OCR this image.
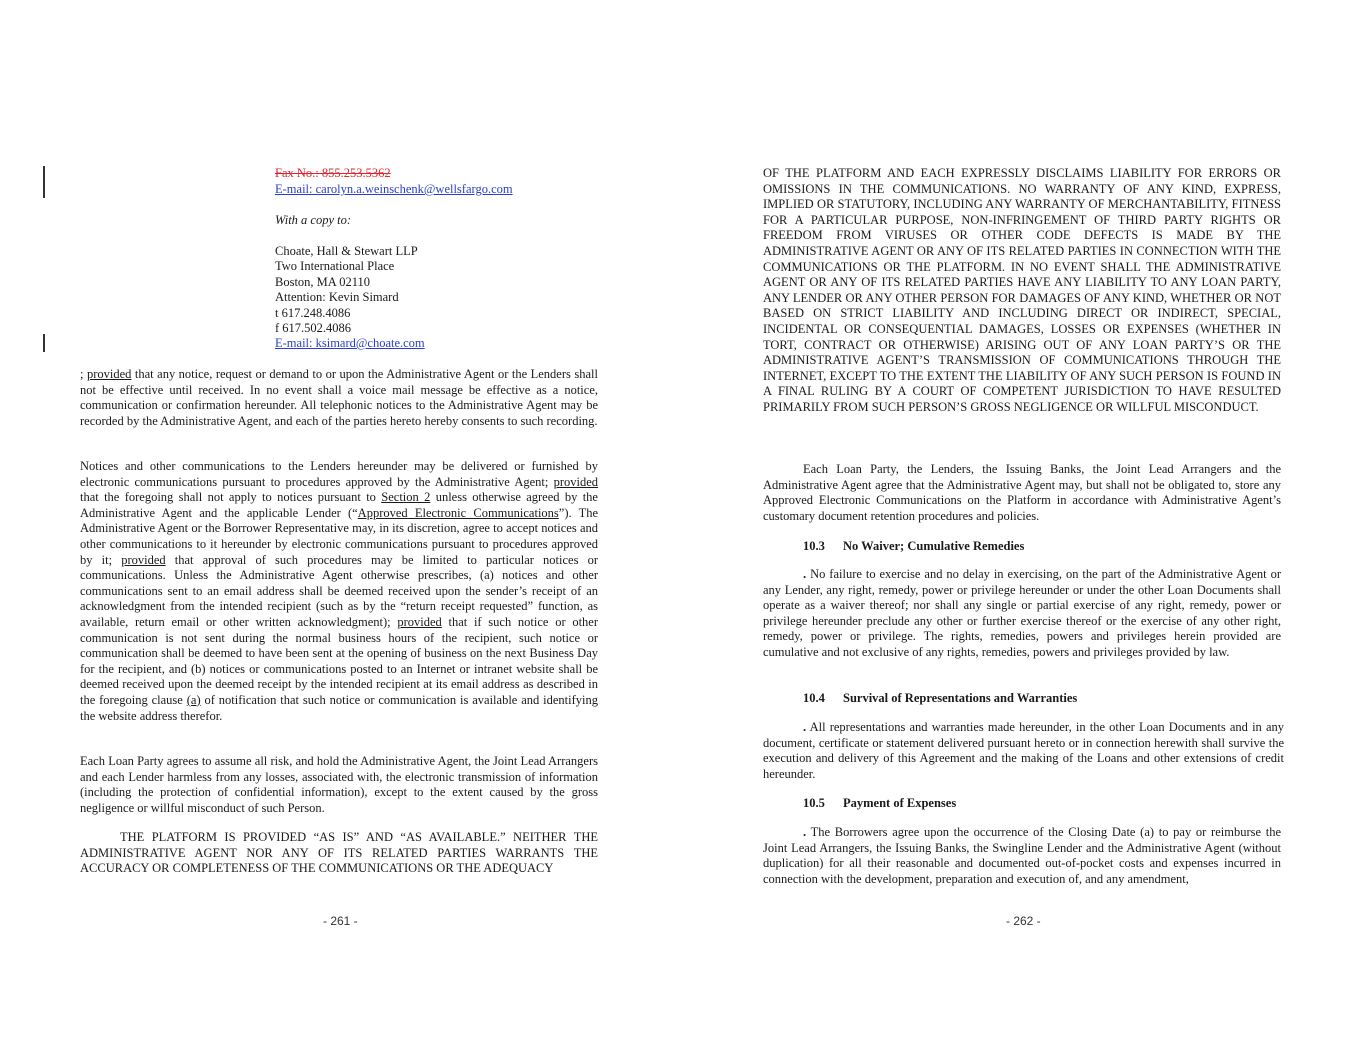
Fax No.: 855.253.5362
E-mail: carolyn.a.weinschenk@wellsfargo.com
With a copy to:
Choate, Hall & Stewart LLP
Two International Place
Boston, MA 02110
Attention: Kevin Simard
t 617.248.4086
f 617.502.4086
E-mail: ksimard@choate.com
; provided that any notice, request or demand to or upon the Administrative Agent or the Lenders shall not be effective until received. In no event shall a voice mail message be effective as a notice, communication or confirmation hereunder. All telephonic notices to the Administrative Agent may be recorded by the Administrative Agent, and each of the parties hereto hereby consents to such recording.
Notices and other communications to the Lenders hereunder may be delivered or furnished by electronic communications pursuant to procedures approved by the Administrative Agent; provided that the foregoing shall not apply to notices pursuant to Section 2 unless otherwise agreed by the Administrative Agent and the applicable Lender (“Approved Electronic Communications”). The Administrative Agent or the Borrower Representative may, in its discretion, agree to accept notices and other communications to it hereunder by electronic communications pursuant to procedures approved by it; provided that approval of such procedures may be limited to particular notices or communications. Unless the Administrative Agent otherwise prescribes, (a) notices and other communications sent to an email address shall be deemed received upon the sender’s receipt of an acknowledgment from the intended recipient (such as by the “return receipt requested” function, as available, return email or other written acknowledgment); provided that if such notice or other communication is not sent during the normal business hours of the recipient, such notice or communication shall be deemed to have been sent at the opening of business on the next Business Day for the recipient, and (b) notices or communications posted to an Internet or intranet website shall be deemed received upon the deemed receipt by the intended recipient at its email address as described in the foregoing clause (a) of notification that such notice or communication is available and identifying the website address therefor.
Each Loan Party agrees to assume all risk, and hold the Administrative Agent, the Joint Lead Arrangers and each Lender harmless from any losses, associated with, the electronic transmission of information (including the protection of confidential information), except to the extent caused by the gross negligence or willful misconduct of such Person.
THE PLATFORM IS PROVIDED “AS IS” AND “AS AVAILABLE.” NEITHER THE ADMINISTRATIVE AGENT NOR ANY OF ITS RELATED PARTIES WARRANTS THE ACCURACY OR COMPLETENESS OF THE COMMUNICATIONS OR THE ADEQUACY
- 261 -
OF THE PLATFORM AND EACH EXPRESSLY DISCLAIMS LIABILITY FOR ERRORS OR OMISSIONS IN THE COMMUNICATIONS. NO WARRANTY OF ANY KIND, EXPRESS, IMPLIED OR STATUTORY, INCLUDING ANY WARRANTY OF MERCHANTABILITY, FITNESS FOR A PARTICULAR PURPOSE, NON-INFRINGEMENT OF THIRD PARTY RIGHTS OR FREEDOM FROM VIRUSES OR OTHER CODE DEFECTS IS MADE BY THE ADMINISTRATIVE AGENT OR ANY OF ITS RELATED PARTIES IN CONNECTION WITH THE COMMUNICATIONS OR THE PLATFORM. IN NO EVENT SHALL THE ADMINISTRATIVE AGENT OR ANY OF ITS RELATED PARTIES HAVE ANY LIABILITY TO ANY LOAN PARTY, ANY LENDER OR ANY OTHER PERSON FOR DAMAGES OF ANY KIND, WHETHER OR NOT BASED ON STRICT LIABILITY AND INCLUDING DIRECT OR INDIRECT, SPECIAL, INCIDENTAL OR CONSEQUENTIAL DAMAGES, LOSSES OR EXPENSES (WHETHER IN TORT, CONTRACT OR OTHERWISE) ARISING OUT OF ANY LOAN PARTY’S OR THE ADMINISTRATIVE AGENT’S TRANSMISSION OF COMMUNICATIONS THROUGH THE INTERNET, EXCEPT TO THE EXTENT THE LIABILITY OF ANY SUCH PERSON IS FOUND IN A FINAL RULING BY A COURT OF COMPETENT JURISDICTION TO HAVE RESULTED PRIMARILY FROM SUCH PERSON’S GROSS NEGLIGENCE OR WILLFUL MISCONDUCT.
Each Loan Party, the Lenders, the Issuing Banks, the Joint Lead Arrangers and the Administrative Agent agree that the Administrative Agent may, but shall not be obligated to, store any Approved Electronic Communications on the Platform in accordance with Administrative Agent’s customary document retention procedures and policies.
10.3 No Waiver; Cumulative Remedies
. No failure to exercise and no delay in exercising, on the part of the Administrative Agent or any Lender, any right, remedy, power or privilege hereunder or under the other Loan Documents shall operate as a waiver thereof; nor shall any single or partial exercise of any right, remedy, power or privilege hereunder preclude any other or further exercise thereof or the exercise of any other right, remedy, power or privilege. The rights, remedies, powers and privileges herein provided are cumulative and not exclusive of any rights, remedies, powers and privileges provided by law.
10.4 Survival of Representations and Warranties
. All representations and warranties made hereunder, in the other Loan Documents and in any document, certificate or statement delivered pursuant hereto or in connection herewith shall survive the execution and delivery of this Agreement and the making of the Loans and other extensions of credit hereunder.
10.5 Payment of Expenses
. The Borrowers agree upon the occurrence of the Closing Date (a) to pay or reimburse the Joint Lead Arrangers, the Issuing Banks, the Swingline Lender and the Administrative Agent (without duplication) for all their reasonable and documented out-of-pocket costs and expenses incurred in connection with the development, preparation and execution of, and any amendment,
- 262 -
